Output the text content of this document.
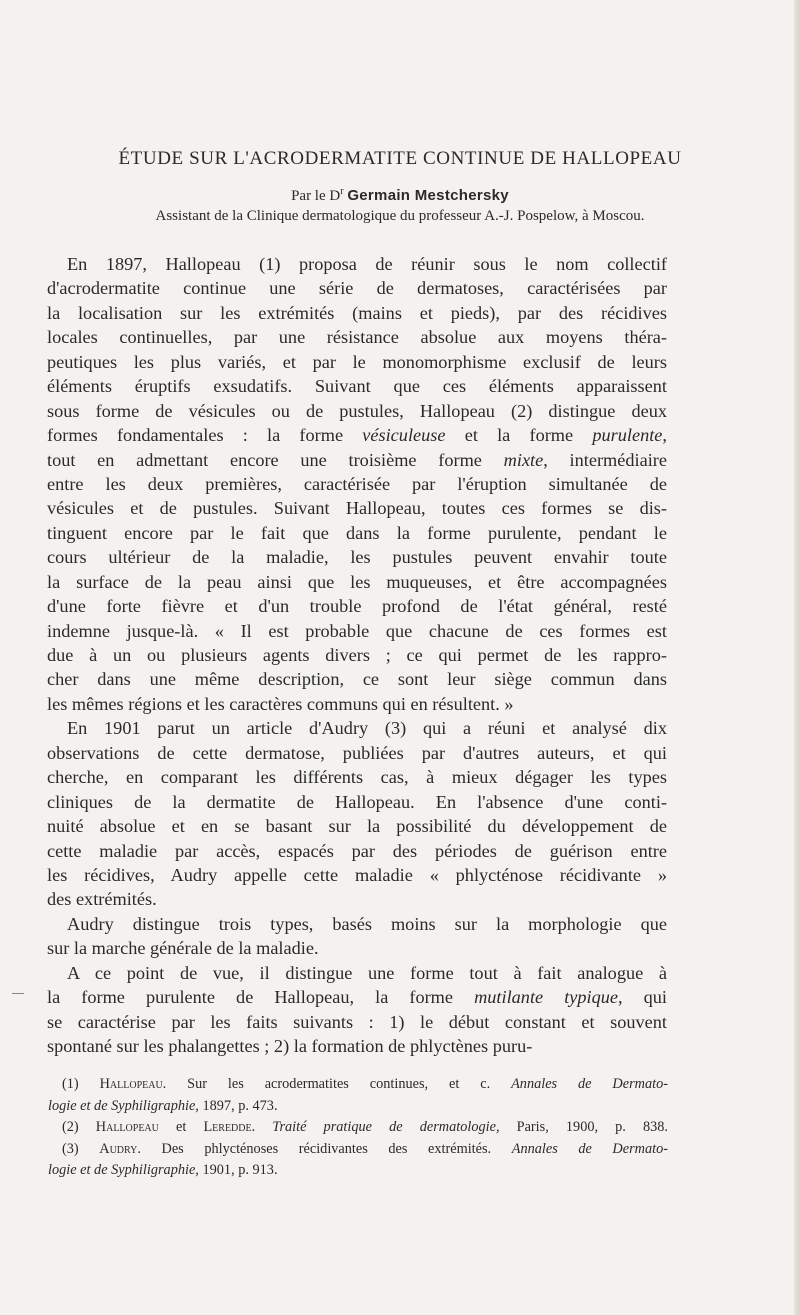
ÉTUDE SUR L'ACRODERMATITE CONTINUE DE HALLOPEAU
Par le $D^r$ Germain Mestchersky
Assistant de la Clinique dermatologique du professeur A.-J. Pospelow, à Moscou.
En 1897, Hallopeau (1) proposa de réunir sous le nom collectif
d'acrodermatite continue une série de dermatoses, caractérisées par
la localisation sur les extrémités (mains et pieds), par des récidives
locales continuelles, par une résistance absolue aux moyens théra-
peutiques les plus variés, et par le monomorphisme exclusif de leurs
éléments éruptifs exsudatifs. Suivant que ces éléments apparaissent
sous forme de vésicules ou de pustules, Hallopeau (2) distingue deux
formes fondamentales : la forme vésiculeuse et la forme purulente,
tout en admettant encore une troisième forme mixte, intermédiaire
entre les deux premières, caractérisée par l'éruption simultanée de
vésicules et de pustules. Suivant Hallopeau, toutes ces formes se dis-
tinguent encore par le fait que dans la forme purulente, pendant le
cours ultérieur de la maladie, les pustules peuvent envahir toute
la surface de la peau ainsi que les muqueuses, et être accompagnées
d'une forte fièvre et d'un trouble profond de l'état général, resté
indemne jusque-là. « Il est probable que chacune de ces formes est
due à un ou plusieurs agents divers ; ce qui permet de les rappro-
cher dans une même description, ce sont leur siège commun dans
les mêmes régions et les caractères communs qui en résultent. »
En 1901 parut un article d'Audry (3) qui a réuni et analysé dix
observations de cette dermatose, publiées par d'autres auteurs, et qui
cherche, en comparant les différents cas, à mieux dégager les types
cliniques de la dermatite de Hallopeau. En l'absence d'une conti-
nuité absolue et en se basant sur la possibilité du développement de
cette maladie par accès, espacés par des périodes de guérison entre
les récidives, Audry appelle cette maladie « phlycténose récidivante »
des extrémités.
Audry distingue trois types, basés moins sur la morphologie que
sur la marche générale de la maladie.
A ce point de vue, il distingue une forme tout à fait analogue à
la forme purulente de Hallopeau, la forme mutilante typique, qui
se caractérise par les faits suivants : 1) le début constant et souvent
spontané sur les phalangettes ; 2) la formation de phlyctènes puru-
(1) Hallopeau. Sur les acrodermatites continues, et c. Annales de Dermato-
logie et de Syphiligraphie, 1897, p. 473.
(2) Hallopeau et Leredde. Traité pratique de dermatologie, Paris, 1900, p. 838.
(3) Audry. Des phlycténoses récidivantes des extrémités. Annales de Dermato-
logie et de Syphiligraphie, 1901, p. 913.
